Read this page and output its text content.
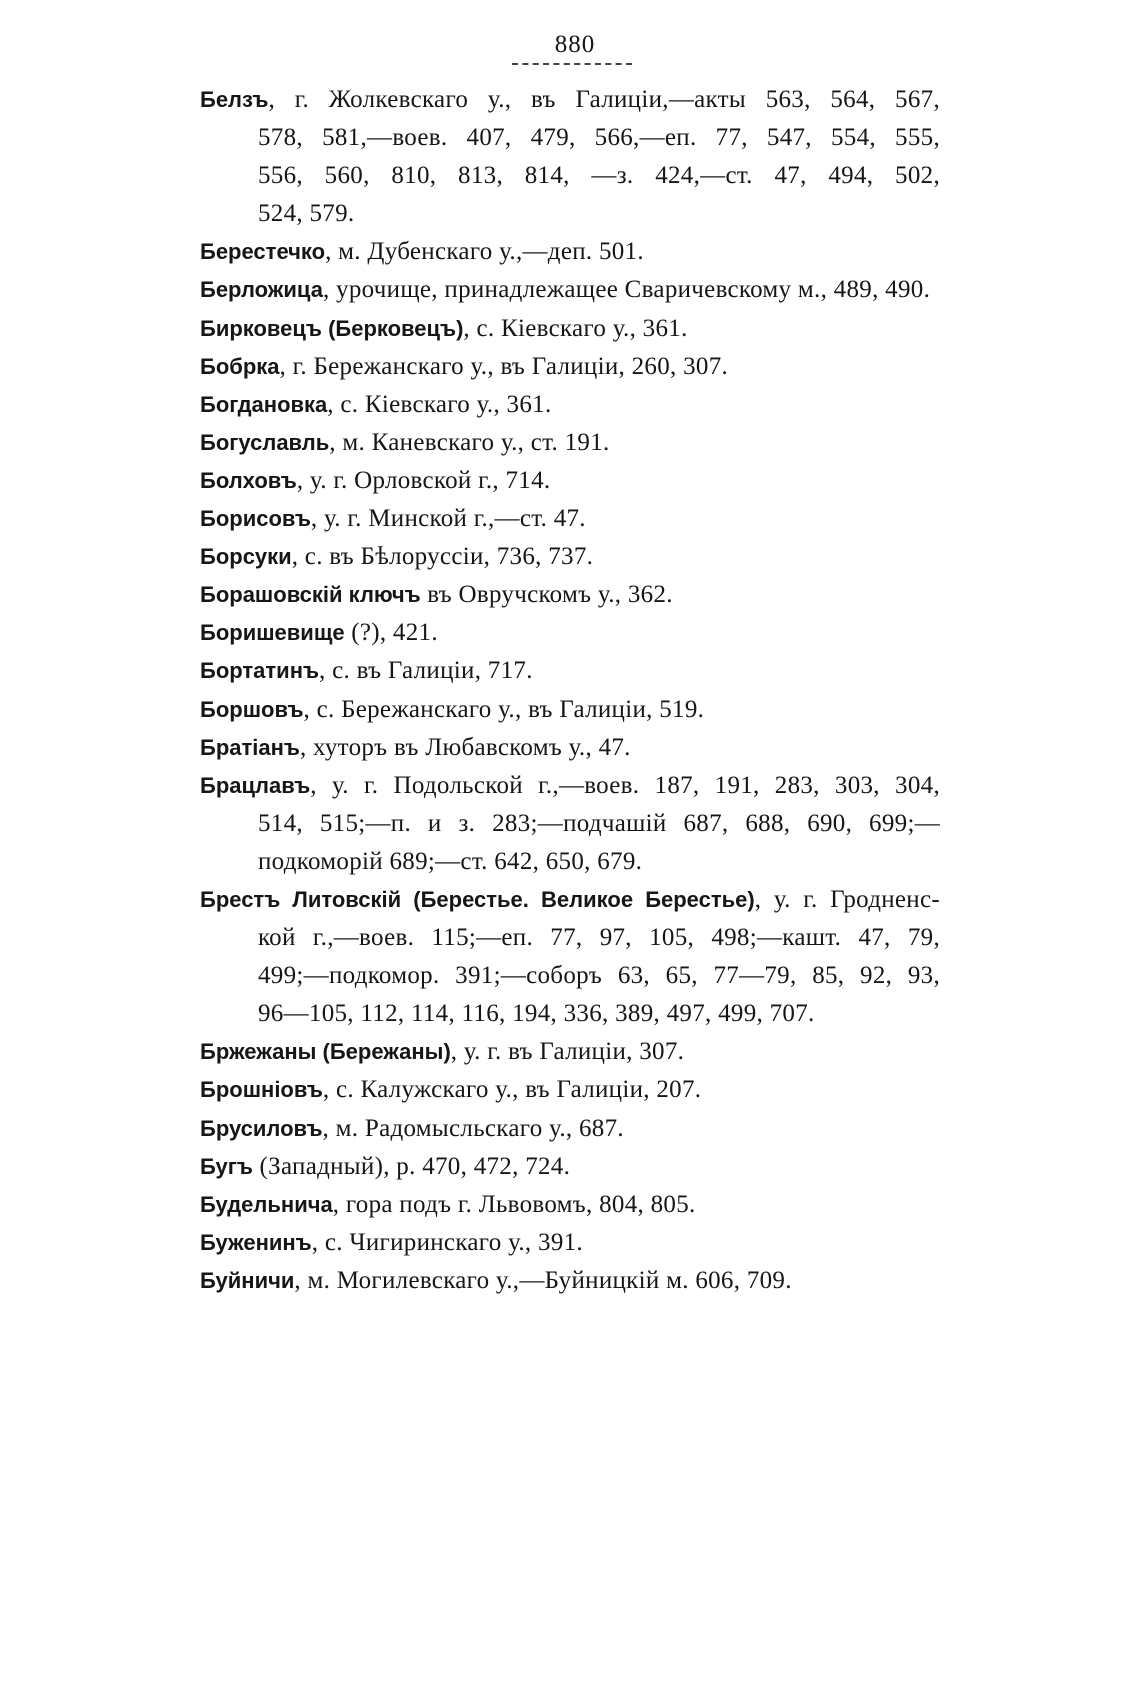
880
Белзъ, г. Жолкевскаго у., въ Галиціи,—акты 563, 564, 567,
578, 581,—воев. 407, 479, 566,—еп. 77, 547, 554, 555,
556, 560, 810, 813, 814, —з. 424,—ст. 47, 494, 502,
524, 579.
Берестечко, м. Дубенскаго у.,—деп. 501.
Берложица, урочище, принадлежащее Сваричевскому м., 489, 490.
Бирковецъ (Берковецъ), с. Кіевскаго у., 361.
Бобрка, г. Бережанскаго у., въ Галиціи, 260, 307.
Богдановка, с. Кіевскаго у., 361.
Богуславль, м. Каневскаго у., ст. 191.
Болховъ, у. г. Орловской г., 714.
Борисовъ, у. г. Минской г.,—ст. 47.
Борсуки, с. въ Бѣлоруссіи, 736, 737.
Борашовскій ключъ въ Овручскомъ у., 362.
Боришевище (?), 421.
Бортатинъ, с. въ Галиціи, 717.
Боршовъ, с. Бережанскаго у., въ Галиціи, 519.
Братіанъ, хуторъ въ Любавскомъ у., 47.
Брацлавъ, у. г. Подольской г.,—воев. 187, 191, 283, 303, 304,
514, 515;—п. и з. 283;—подчашій 687, 688, 690, 699;—
подкоморій 689;—ст. 642, 650, 679.
Брестъ Литовскій (Берестье. Великое Берестье), у. г. Гродненс-
кой г.,—воев. 115;—еп. 77, 97, 105, 498;—кашт. 47, 79,
499;—подкомор. 391;—соборъ 63, 65, 77—79, 85, 92, 93,
96—105, 112, 114, 116, 194, 336, 389, 497, 499, 707.
Бржежаны (Бережаны), у. г. въ Галиціи, 307.
Брошніовъ, с. Калужскаго у., въ Галиціи, 207.
Брусиловъ, м. Радомысльскаго у., 687.
Бугъ (Западный), р. 470, 472, 724.
Будельнича, гора подъ г. Львовомъ, 804, 805.
Буженинъ, с. Чигиринскаго у., 391.
Буйничи, м. Могилевскаго у.,—Буйницкій м. 606, 709.
